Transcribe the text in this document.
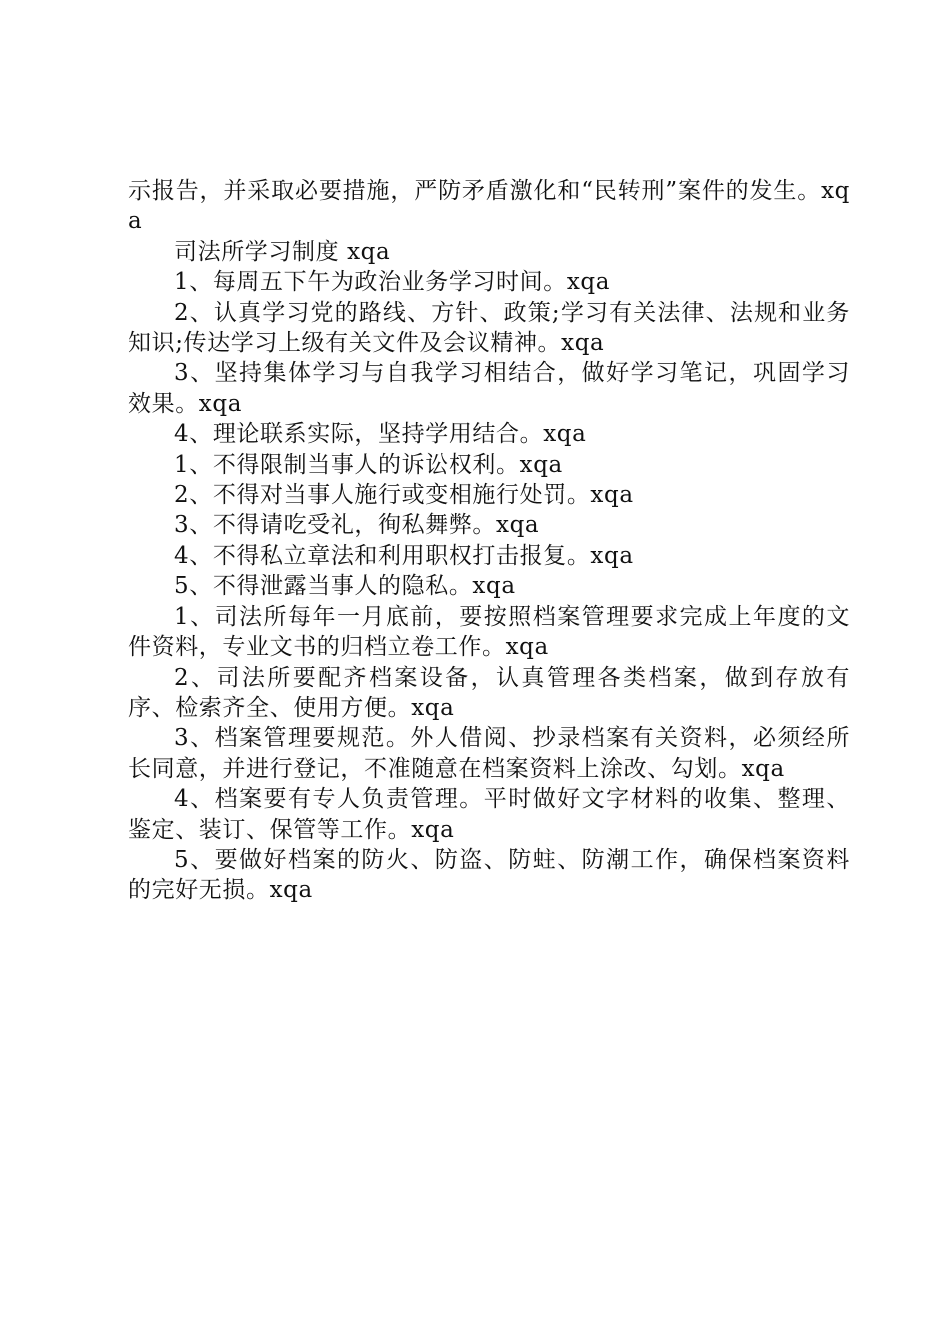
示报告，并采取必要措施，严防矛盾激化和“民转刑”案件的发生。xqa

司法所学习制度 xqa

1、每周五下午为政治业务学习时间。xqa

2、认真学习党的路线、方针、政策;学习有关法律、法规和业务知识;传达学习上级有关文件及会议精神。xqa

3、坚持集体学习与自我学习相结合，做好学习笔记，巩固学习效果。xqa

4、理论联系实际，坚持学用结合。xqa

1、不得限制当事人的诉讼权利。xqa

2、不得对当事人施行或变相施行处罚。xqa

3、不得请吃受礼，徇私舞弊。xqa

4、不得私立章法和利用职权打击报复。xqa

5、不得泄露当事人的隐私。xqa

1、司法所每年一月底前，要按照档案管理要求完成上年度的文件资料，专业文书的归档立卷工作。xqa

2、司法所要配齐档案设备，认真管理各类档案，做到存放有序、检索齐全、使用方便。xqa

3、档案管理要规范。外人借阅、抄录档案有关资料，必须经所长同意，并进行登记，不准随意在档案资料上涂改、勾划。xqa

4、档案要有专人负责管理。平时做好文字材料的收集、整理、鉴定、装订、保管等工作。xqa

5、要做好档案的防火、防盗、防蛀、防潮工作，确保档案资料的完好无损。xqa
